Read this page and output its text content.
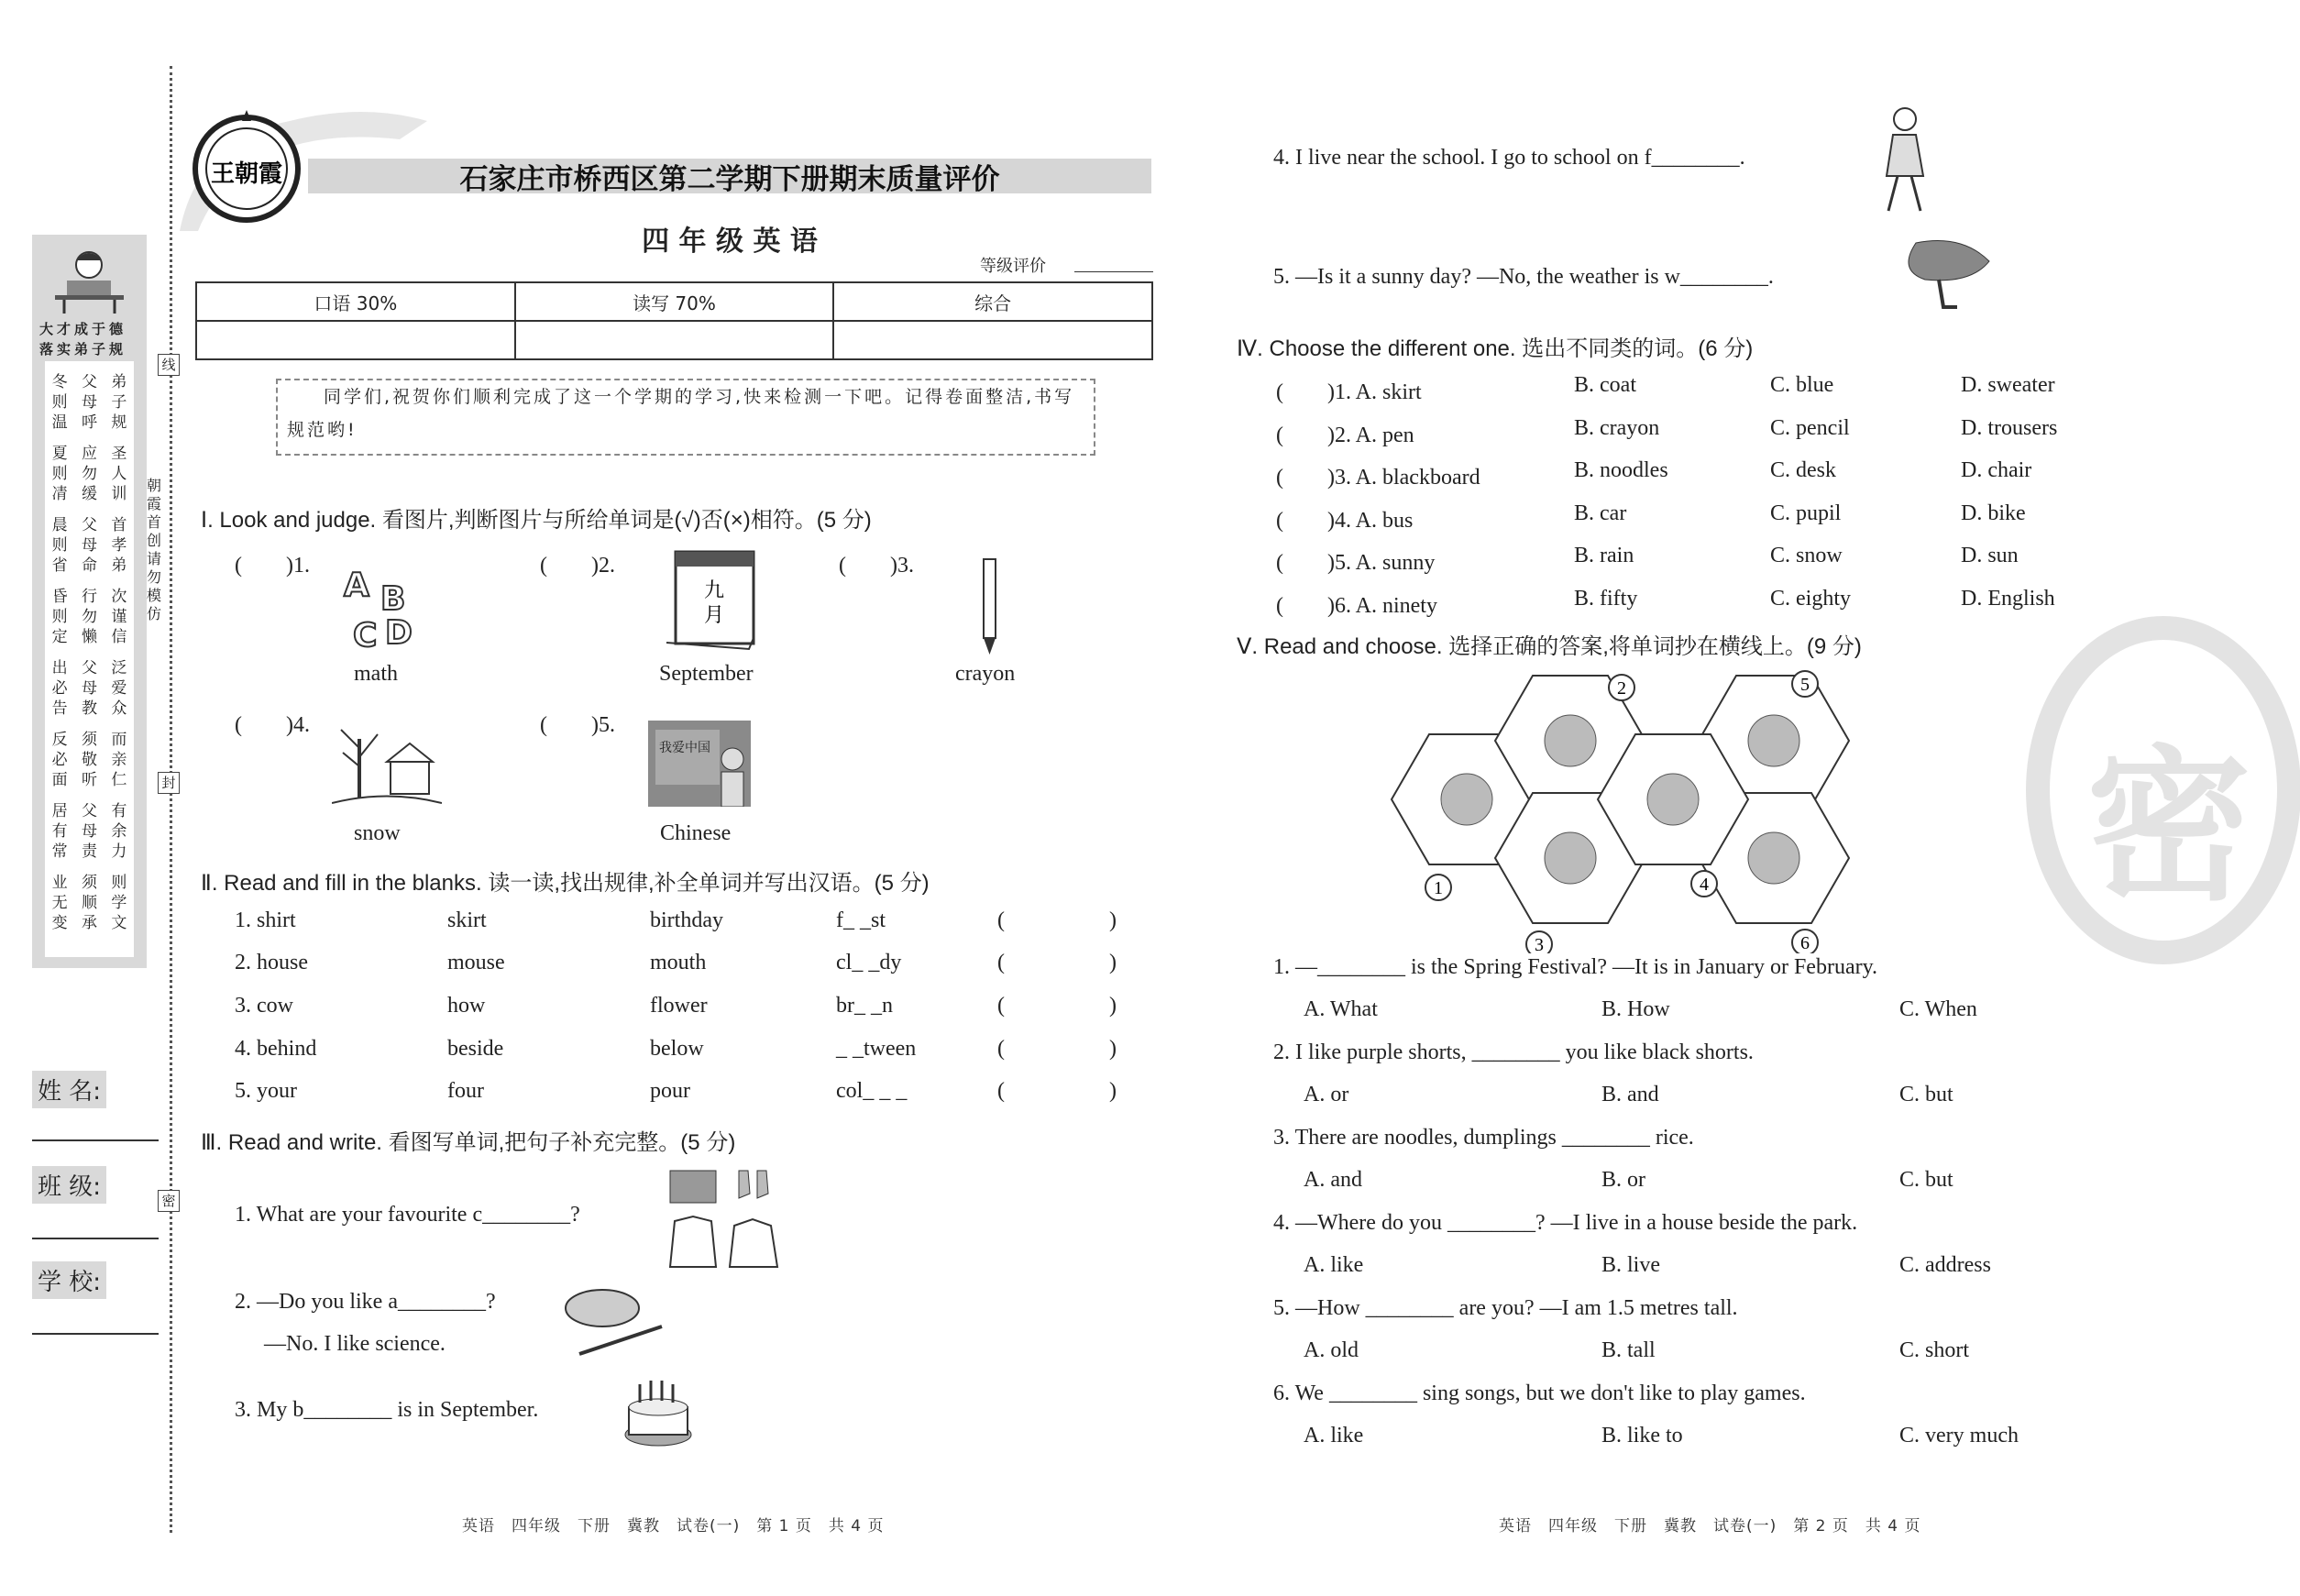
大才成于德
落实弟子规
冬则温
父母呼
弟子规
夏则凊
应勿缓
圣人训
晨则省
父母命
首孝弟
昏则定
行勿懒
次谨信
出必告
父母教
泛爱众
反必面
须敬听
而亲仁
居有常
父母责
有余力
业无变
须顺承
则学文
姓 名:
班 级:
学 校:
线
封
密
朝霞首创 请勿模仿
王朝霞	石家庄市桥西区第二学期下册期末质量评价
四 年 级 英 语
等级评价
口语 30%	读写 70%	综合

同学们,祝贺你们顺利完成了这一个学期的学习,快来检测一下吧。记得卷面整洁,书写规范哟!
Ⅰ. Look and judge. 看图片,判断图片与所给单词是(√)否(×)相符。(5 分)
(　　)1.	(　　)2.	(　　)3.
A B
C D
九
月
math	September	crayon
(　　)4.	(　　)5.
我爱中国
snow	Chinese
Ⅱ. Read and fill in the blanks. 读一读,找出规律,补全单词并写出汉语。(5 分)
1. shirt	skirt	birthday	f_ _st	(	)
2. house	mouse	mouth	cl_ _dy	(	)
3. cow	how	flower	br_ _n	(	)
4. behind	beside	below	_ _tween	(	)
5. your	four	pour	col_ _ _	(	)
Ⅲ. Read and write. 看图写单词,把句子补充完整。(5 分)
1. What are your favourite c________?
2. —Do you like a________?
—No. I like science.
3. My b________ is in September.
4. I live near the school. I go to school on f________.
5. —Is it a sunny day? —No, the weather is w________.
Ⅳ. Choose the different one. 选出不同类的词。(6 分)
(　　)1. A. skirt	B. coat	C. blue	D. sweater
(　　)2. A. pen	B. crayon	C. pencil	D. trousers
(　　)3. A. blackboard	B. noodles	C. desk	D. chair
(　　)4. A. bus	B. car	C. pupil	D. bike
(　　)5. A. sunny	B. rain	C. snow	D. sun
(　　)6. A. ninety	B. fifty	C. eighty	D. English
Ⅴ. Read and choose. 选择正确的答案,将单词抄在横线上。(9 分)
1
2
3
4
5
6
1. —________ is the Spring Festival? —It is in January or February.
A. What	B. How	C. When
2. I like purple shorts, ________ you like black shorts.
A. or	B. and	C. but
3. There are noodles, dumplings ________ rice.
A. and	B. or	C. but
4. —Where do you ________? —I live in a house beside the park.
A. like	B. live	C. address
5. —How ________ are you? —I am 1.5 metres tall.
A. old	B. tall	C. short
6. We ________ sing songs, but we don't like to play games.
A. like	B. like to	C. very much
密
英语　四年级　下册　冀教　试卷(一)　第 1 页　共 4 页	英语　四年级　下册　冀教　试卷(一)　第 2 页　共 4 页
